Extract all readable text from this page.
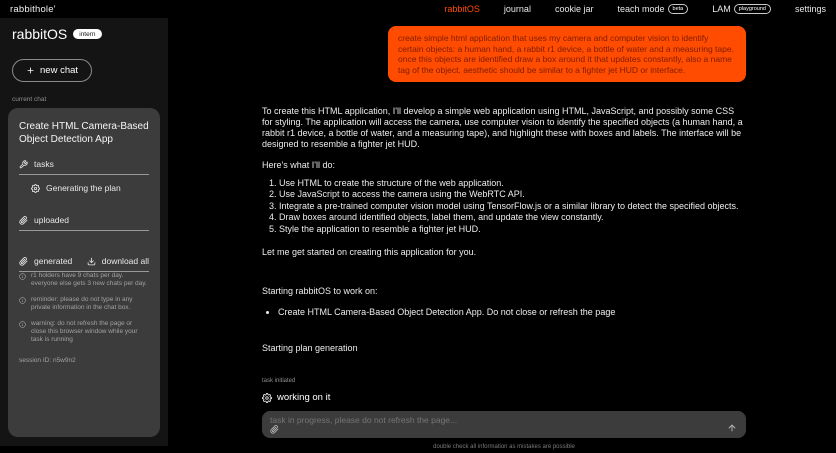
rabbithole'	rabbitOS	journal	cookie jar	teach mode	beta	LAM	playground	settings
rabbitOS	intern
new chat
current chat
Create HTML Camera-Based Object Detection App
tasks
Generating the plan
uploaded
generated	download all
r1 holders have 9 chats per day. everyone else gets 3 new chats per day.
reminder: please do not type in any private information in the chat box.
warning: do not refresh the page or close this browser window while your task is running
session ID: n5w9n2
create simple html application that uses my camera and computer vision to identify certain objects: a human hand, a rabbit r1 device, a bottle of water and a measuring tape. once this objects are identified draw a box around it that updates constantly, also a name tag of the object. aesthetic should be similar to a fighter jet HUD or interface.

To create this HTML application, I'll develop a simple web application using HTML, JavaScript, and possibly some CSS for styling. The application will access the camera, use computer vision to identify the specified objects (a human hand, a rabbit r1 device, a bottle of water, and a measuring tape), and highlight these with boxes and labels. The interface will be designed to resemble a fighter jet HUD.

Here's what I'll do:

1. Use HTML to create the structure of the web application.
2. Use JavaScript to access the camera using the WebRTC API.
3. Integrate a pre-trained computer vision model using TensorFlow.js or a similar library to detect the specified objects.
4. Draw boxes around identified objects, label them, and update the view constantly.
5. Style the application to resemble a fighter jet HUD.

Let me get started on creating this application for you.

Starting rabbitOS to work on:

• Create HTML Camera-Based Object Detection App. Do not close or refresh the page

Starting plan generation

task initiated
working on it
task in progress, please do not refresh the page...
double check all information as mistakes are possible
